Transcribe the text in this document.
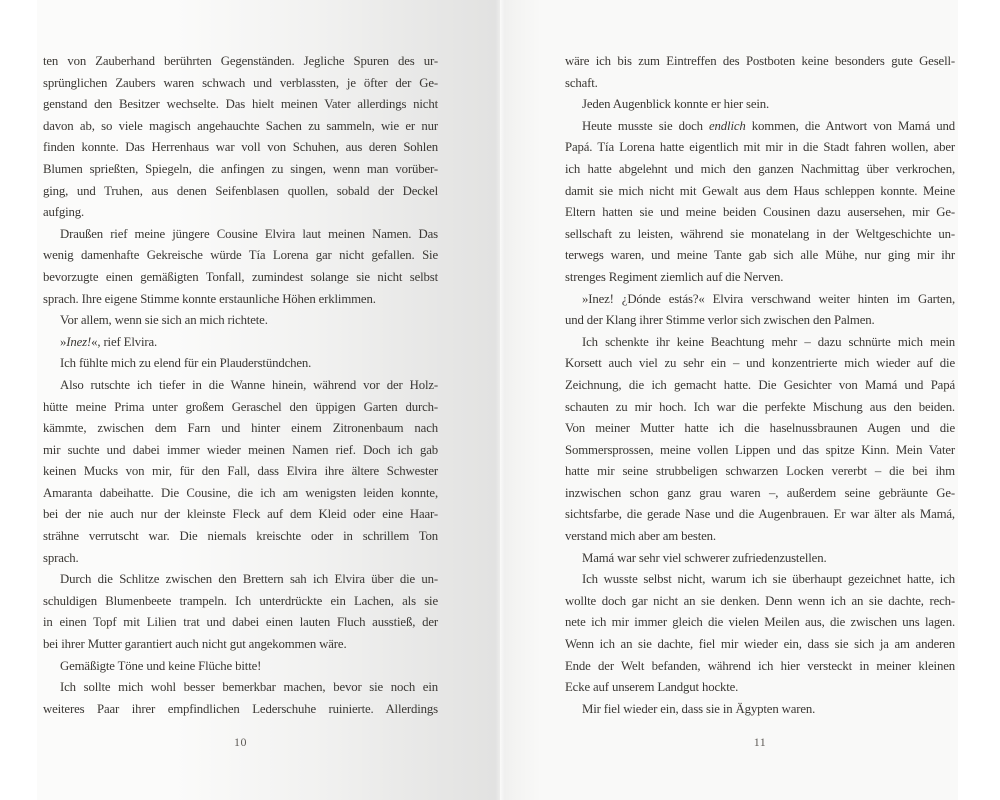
ten von Zauberhand berührten Gegenständen. Jegliche Spuren des ur-
sprünglichen Zaubers waren schwach und verblassten, je öfter der Ge-
genstand den Besitzer wechselte. Das hielt meinen Vater allerdings nicht
davon ab, so viele magisch angehauchte Sachen zu sammeln, wie er nur
finden konnte. Das Herrenhaus war voll von Schuhen, aus deren Sohlen
Blumen sprießten, Spiegeln, die anfingen zu singen, wenn man vorüber-
ging, und Truhen, aus denen Seifenblasen quollen, sobald der Deckel
aufging.
Draußen rief meine jüngere Cousine Elvira laut meinen Namen. Das
wenig damenhafte Gekreische würde Tía Lorena gar nicht gefallen. Sie
bevorzugte einen gemäßigten Tonfall, zumindest solange sie nicht selbst
sprach. Ihre eigene Stimme konnte erstaunliche Höhen erklimmen.
Vor allem, wenn sie sich an mich richtete.
»Inez!«, rief Elvira.
Ich fühlte mich zu elend für ein Plauderstündchen.
Also rutschte ich tiefer in die Wanne hinein, während vor der Holz-
hütte meine Prima unter großem Geraschel den üppigen Garten durch-
kämmte, zwischen dem Farn und hinter einem Zitronenbaum nach
mir suchte und dabei immer wieder meinen Namen rief. Doch ich gab
keinen Mucks von mir, für den Fall, dass Elvira ihre ältere Schwester
Amaranta dabeihatte. Die Cousine, die ich am wenigsten leiden konnte,
bei der nie auch nur der kleinste Fleck auf dem Kleid oder eine Haar-
strähne verrutscht war. Die niemals kreischte oder in schrillem Ton
sprach.
Durch die Schlitze zwischen den Brettern sah ich Elvira über die un-
schuldigen Blumenbeete trampeln. Ich unterdrückte ein Lachen, als sie
in einen Topf mit Lilien trat und dabei einen lauten Fluch ausstieß, der
bei ihrer Mutter garantiert auch nicht gut angekommen wäre.
Gemäßigte Töne und keine Flüche bitte!
Ich sollte mich wohl besser bemerkbar machen, bevor sie noch ein
weiteres Paar ihrer empfindlichen Lederschuhe ruinierte. Allerdings
10
wäre ich bis zum Eintreffen des Postboten keine besonders gute Gesell-
schaft.
Jeden Augenblick konnte er hier sein.
Heute musste sie doch endlich kommen, die Antwort von Mamá und
Papá. Tía Lorena hatte eigentlich mit mir in die Stadt fahren wollen, aber
ich hatte abgelehnt und mich den ganzen Nachmittag über verkrochen,
damit sie mich nicht mit Gewalt aus dem Haus schleppen konnte. Meine
Eltern hatten sie und meine beiden Cousinen dazu ausersehen, mir Ge-
sellschaft zu leisten, während sie monatelang in der Weltgeschichte un-
terwegs waren, und meine Tante gab sich alle Mühe, nur ging mir ihr
strenges Regiment ziemlich auf die Nerven.
»Inez! ¿Dónde estás?« Elvira verschwand weiter hinten im Garten,
und der Klang ihrer Stimme verlor sich zwischen den Palmen.
Ich schenkte ihr keine Beachtung mehr – dazu schnürte mich mein
Korsett auch viel zu sehr ein – und konzentrierte mich wieder auf die
Zeichnung, die ich gemacht hatte. Die Gesichter von Mamá und Papá
schauten zu mir hoch. Ich war die perfekte Mischung aus den beiden.
Von meiner Mutter hatte ich die haselnussbraunen Augen und die
Sommersprossen, meine vollen Lippen und das spitze Kinn. Mein Vater
hatte mir seine strubbeligen schwarzen Locken vererbt – die bei ihm
inzwischen schon ganz grau waren –, außerdem seine gebräunte Ge-
sichtsfarbe, die gerade Nase und die Augenbrauen. Er war älter als Mamá,
verstand mich aber am besten.
Mamá war sehr viel schwerer zufriedenzustellen.
Ich wusste selbst nicht, warum ich sie überhaupt gezeichnet hatte, ich
wollte doch gar nicht an sie denken. Denn wenn ich an sie dachte, rech-
nete ich mir immer gleich die vielen Meilen aus, die zwischen uns lagen.
Wenn ich an sie dachte, fiel mir wieder ein, dass sie sich ja am anderen
Ende der Welt befanden, während ich hier versteckt in meiner kleinen
Ecke auf unserem Landgut hockte.
Mir fiel wieder ein, dass sie in Ägypten waren.
11
